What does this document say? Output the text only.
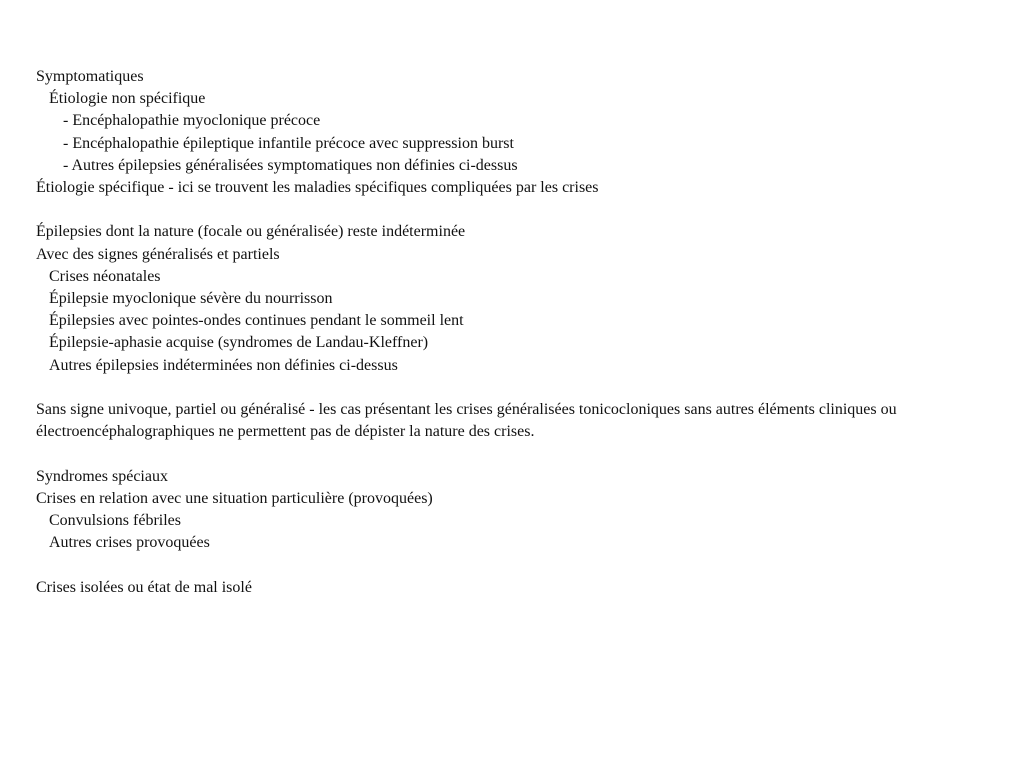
Symptomatiques
Étiologie non spécifique
- Encéphalopathie myoclonique précoce
- Encéphalopathie épileptique infantile précoce avec suppression burst
- Autres épilepsies généralisées symptomatiques non définies ci-dessus
Étiologie spécifique - ici se trouvent les maladies spécifiques compliquées par les crises
Épilepsies dont la nature (focale ou généralisée) reste indéterminée
Avec des signes généralisés et partiels
Crises néonatales
Épilepsie myoclonique sévère du nourrisson
Épilepsies avec pointes-ondes continues pendant le sommeil lent
Épilepsie-aphasie acquise (syndromes de Landau-Kleffner)
Autres épilepsies indéterminées non définies ci-dessus
Sans signe univoque, partiel ou généralisé - les cas présentant les crises généralisées tonicocloniques sans autres éléments cliniques ou électroencéphalographiques ne permettent pas de dépister la nature des crises.
Syndromes spéciaux
Crises en relation avec une situation particulière (provoquées)
Convulsions fébriles
Autres crises provoquées
Crises isolées ou état de mal isolé
